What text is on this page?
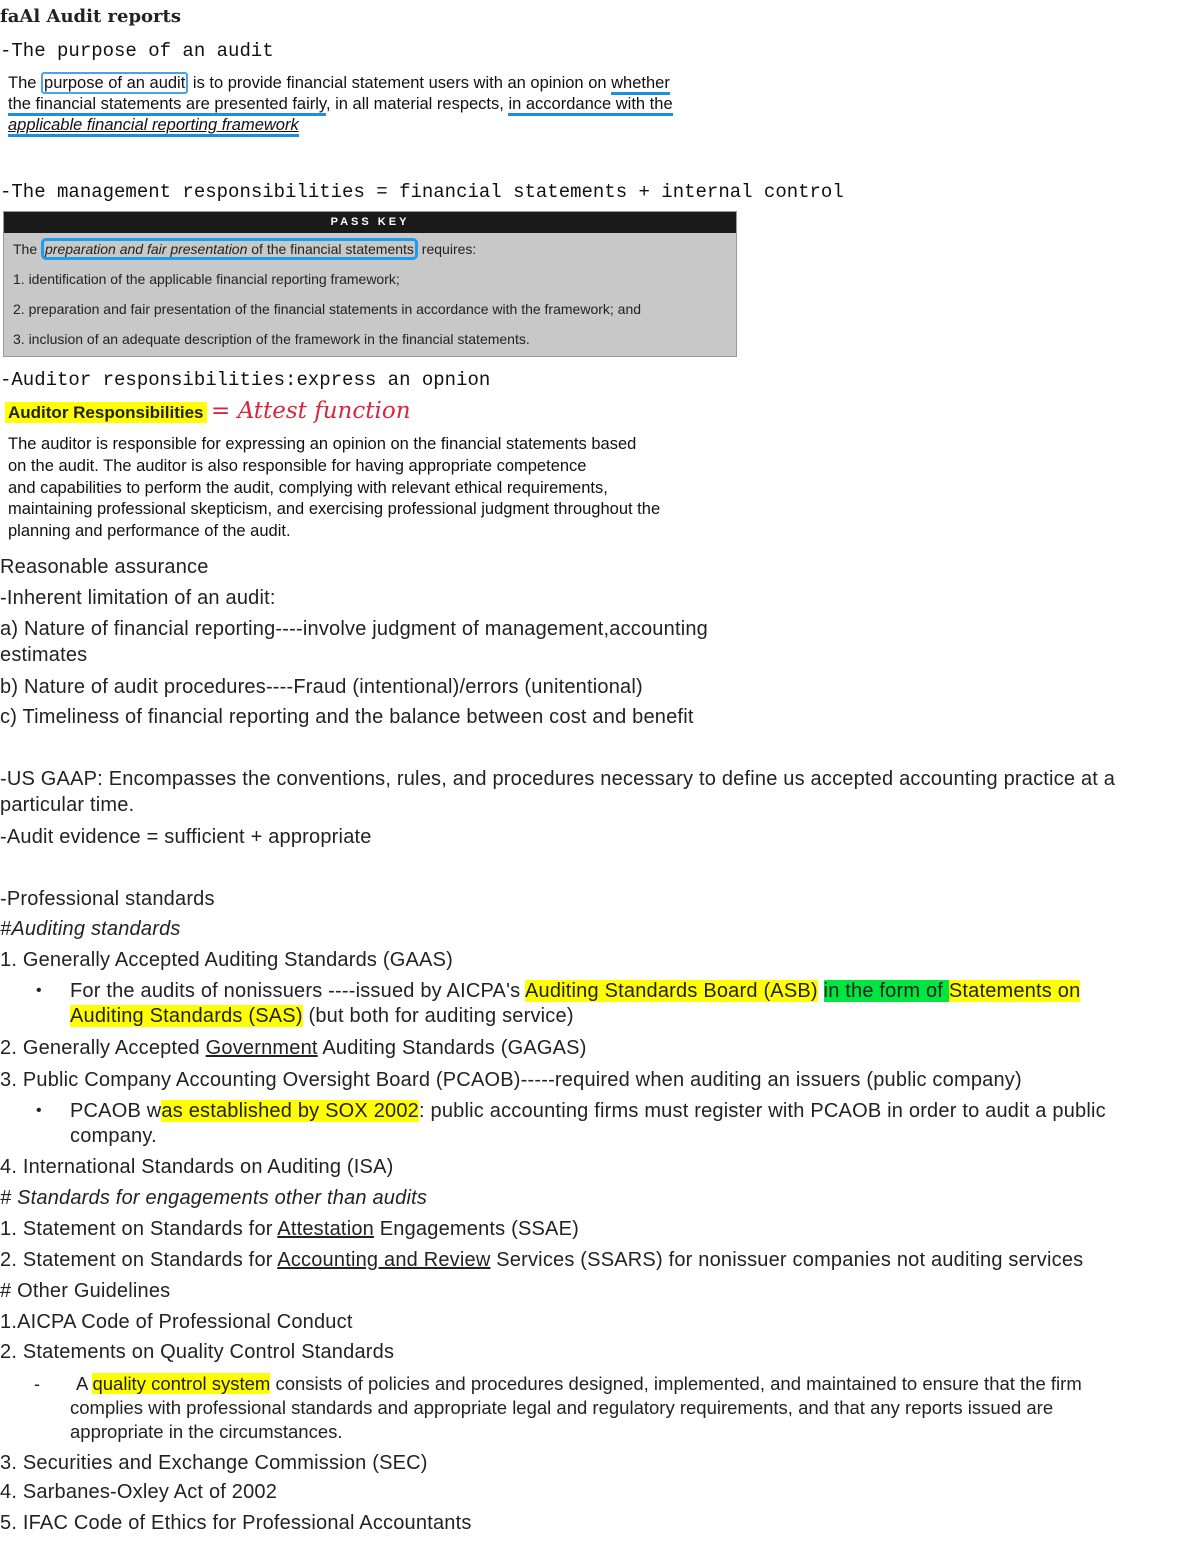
faAl Audit reports
-The purpose of an audit
The purpose of an audit is to provide financial statement users with an opinion on whether
the financial statements are presented fairly, in all material respects, in accordance with the
applicable financial reporting framework
-The management responsibilities = financial statements + internal control
PASS KEY
The preparation and fair presentation of the financial statements requires:
1. identification of the applicable financial reporting framework;
2. preparation and fair presentation of the financial statements in accordance with the framework; and
3. inclusion of an adequate description of the framework in the financial statements.
-Auditor responsibilities:express an opnion
Auditor Responsibilities = Attest function
The auditor is responsible for expressing an opinion on the financial statements based
on the audit. The auditor is also responsible for having appropriate competence
and capabilities to perform the audit, complying with relevant ethical requirements,
maintaining professional skepticism, and exercising professional judgment throughout the
planning and performance of the audit.
Reasonable assurance
-Inherent limitation of an audit:
a) Nature of financial reporting----involve judgment of management,accounting
estimates
b) Nature of audit procedures----Fraud (intentional)/errors (unitentional)
c) Timeliness of financial reporting and the balance between cost and benefit
-US GAAP: Encompasses the conventions, rules, and procedures necessary to define us accepted accounting practice at a
particular time.
-Audit evidence = sufficient + appropriate
-Professional standards
#Auditing standards
1. Generally Accepted Auditing Standards (GAAS)
• For the audits of nonissuers ----issued by AICPA's Auditing Standards Board (ASB) in the form of Statements on
Auditing Standards (SAS) (but both for auditing service)
2. Generally Accepted Government Auditing Standards (GAGAS)
3. Public Company Accounting Oversight Board (PCAOB)-----required when auditing an issuers (public company)
• PCAOB was established by SOX 2002: public accounting firms must register with PCAOB in order to audit a public
company.
4. International Standards on Auditing (ISA)
# Standards for engagements other than audits
1. Statement on Standards for Attestation Engagements (SSAE)
2. Statement on Standards for Accounting and Review Services (SSARS) for nonissuer companies not auditing services
# Other Guidelines
1.AICPA Code of Professional Conduct
2. Statements on Quality Control Standards
- A quality control system consists of policies and procedures designed, implemented, and maintained to ensure that the firm
complies with professional standards and appropriate legal and regulatory requirements, and that any reports issued are
appropriate in the circumstances.
3. Securities and Exchange Commission (SEC)
4. Sarbanes-Oxley Act of 2002
5. IFAC Code of Ethics for Professional Accountants
